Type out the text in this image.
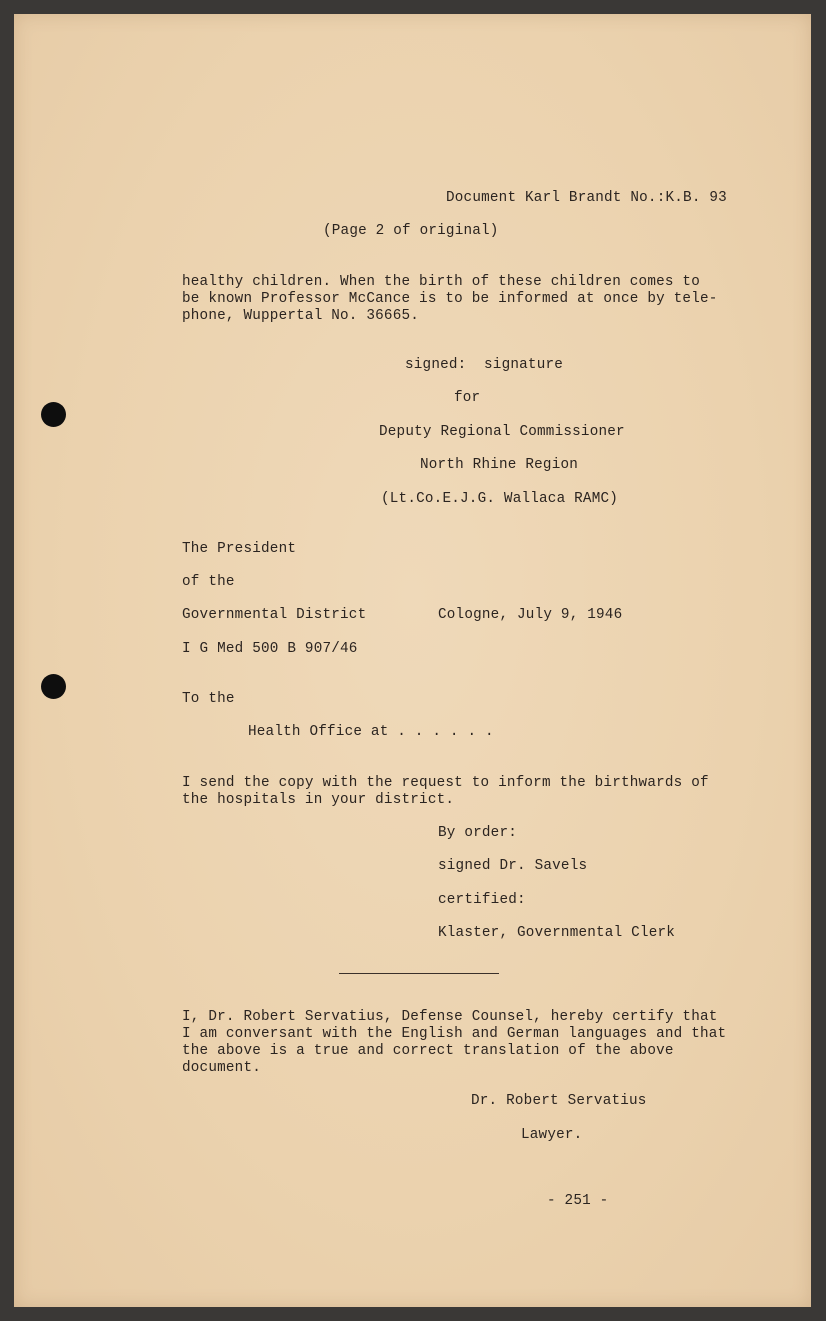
Document Karl Brandt No.:K.B. 93
(Page 2 of original)
healthy children. When the birth of these children comes to
be known Professor McCance is to be informed at once by tele-
phone, Wuppertal No. 36665.
signed:  signature
for
Deputy Regional Commissioner
North Rhine Region
(Lt.Co.E.J.G. Wallaca RAMC)
The President
of the
Governmental District	Cologne, July 9, 1946
I G Med 500 B 907/46
To the
Health Office at . . . . . .
I send the copy with the request to inform the birthwards of
the hospitals in your district.
By order:
signed Dr. Savels
certified:
Klaster, Governmental Clerk
I, Dr. Robert Servatius, Defense Counsel, hereby certify that
I am conversant with the English and German languages and that
the above is a true and correct translation of the above
document.
Dr. Robert Servatius
Lawyer.
- 251 -
